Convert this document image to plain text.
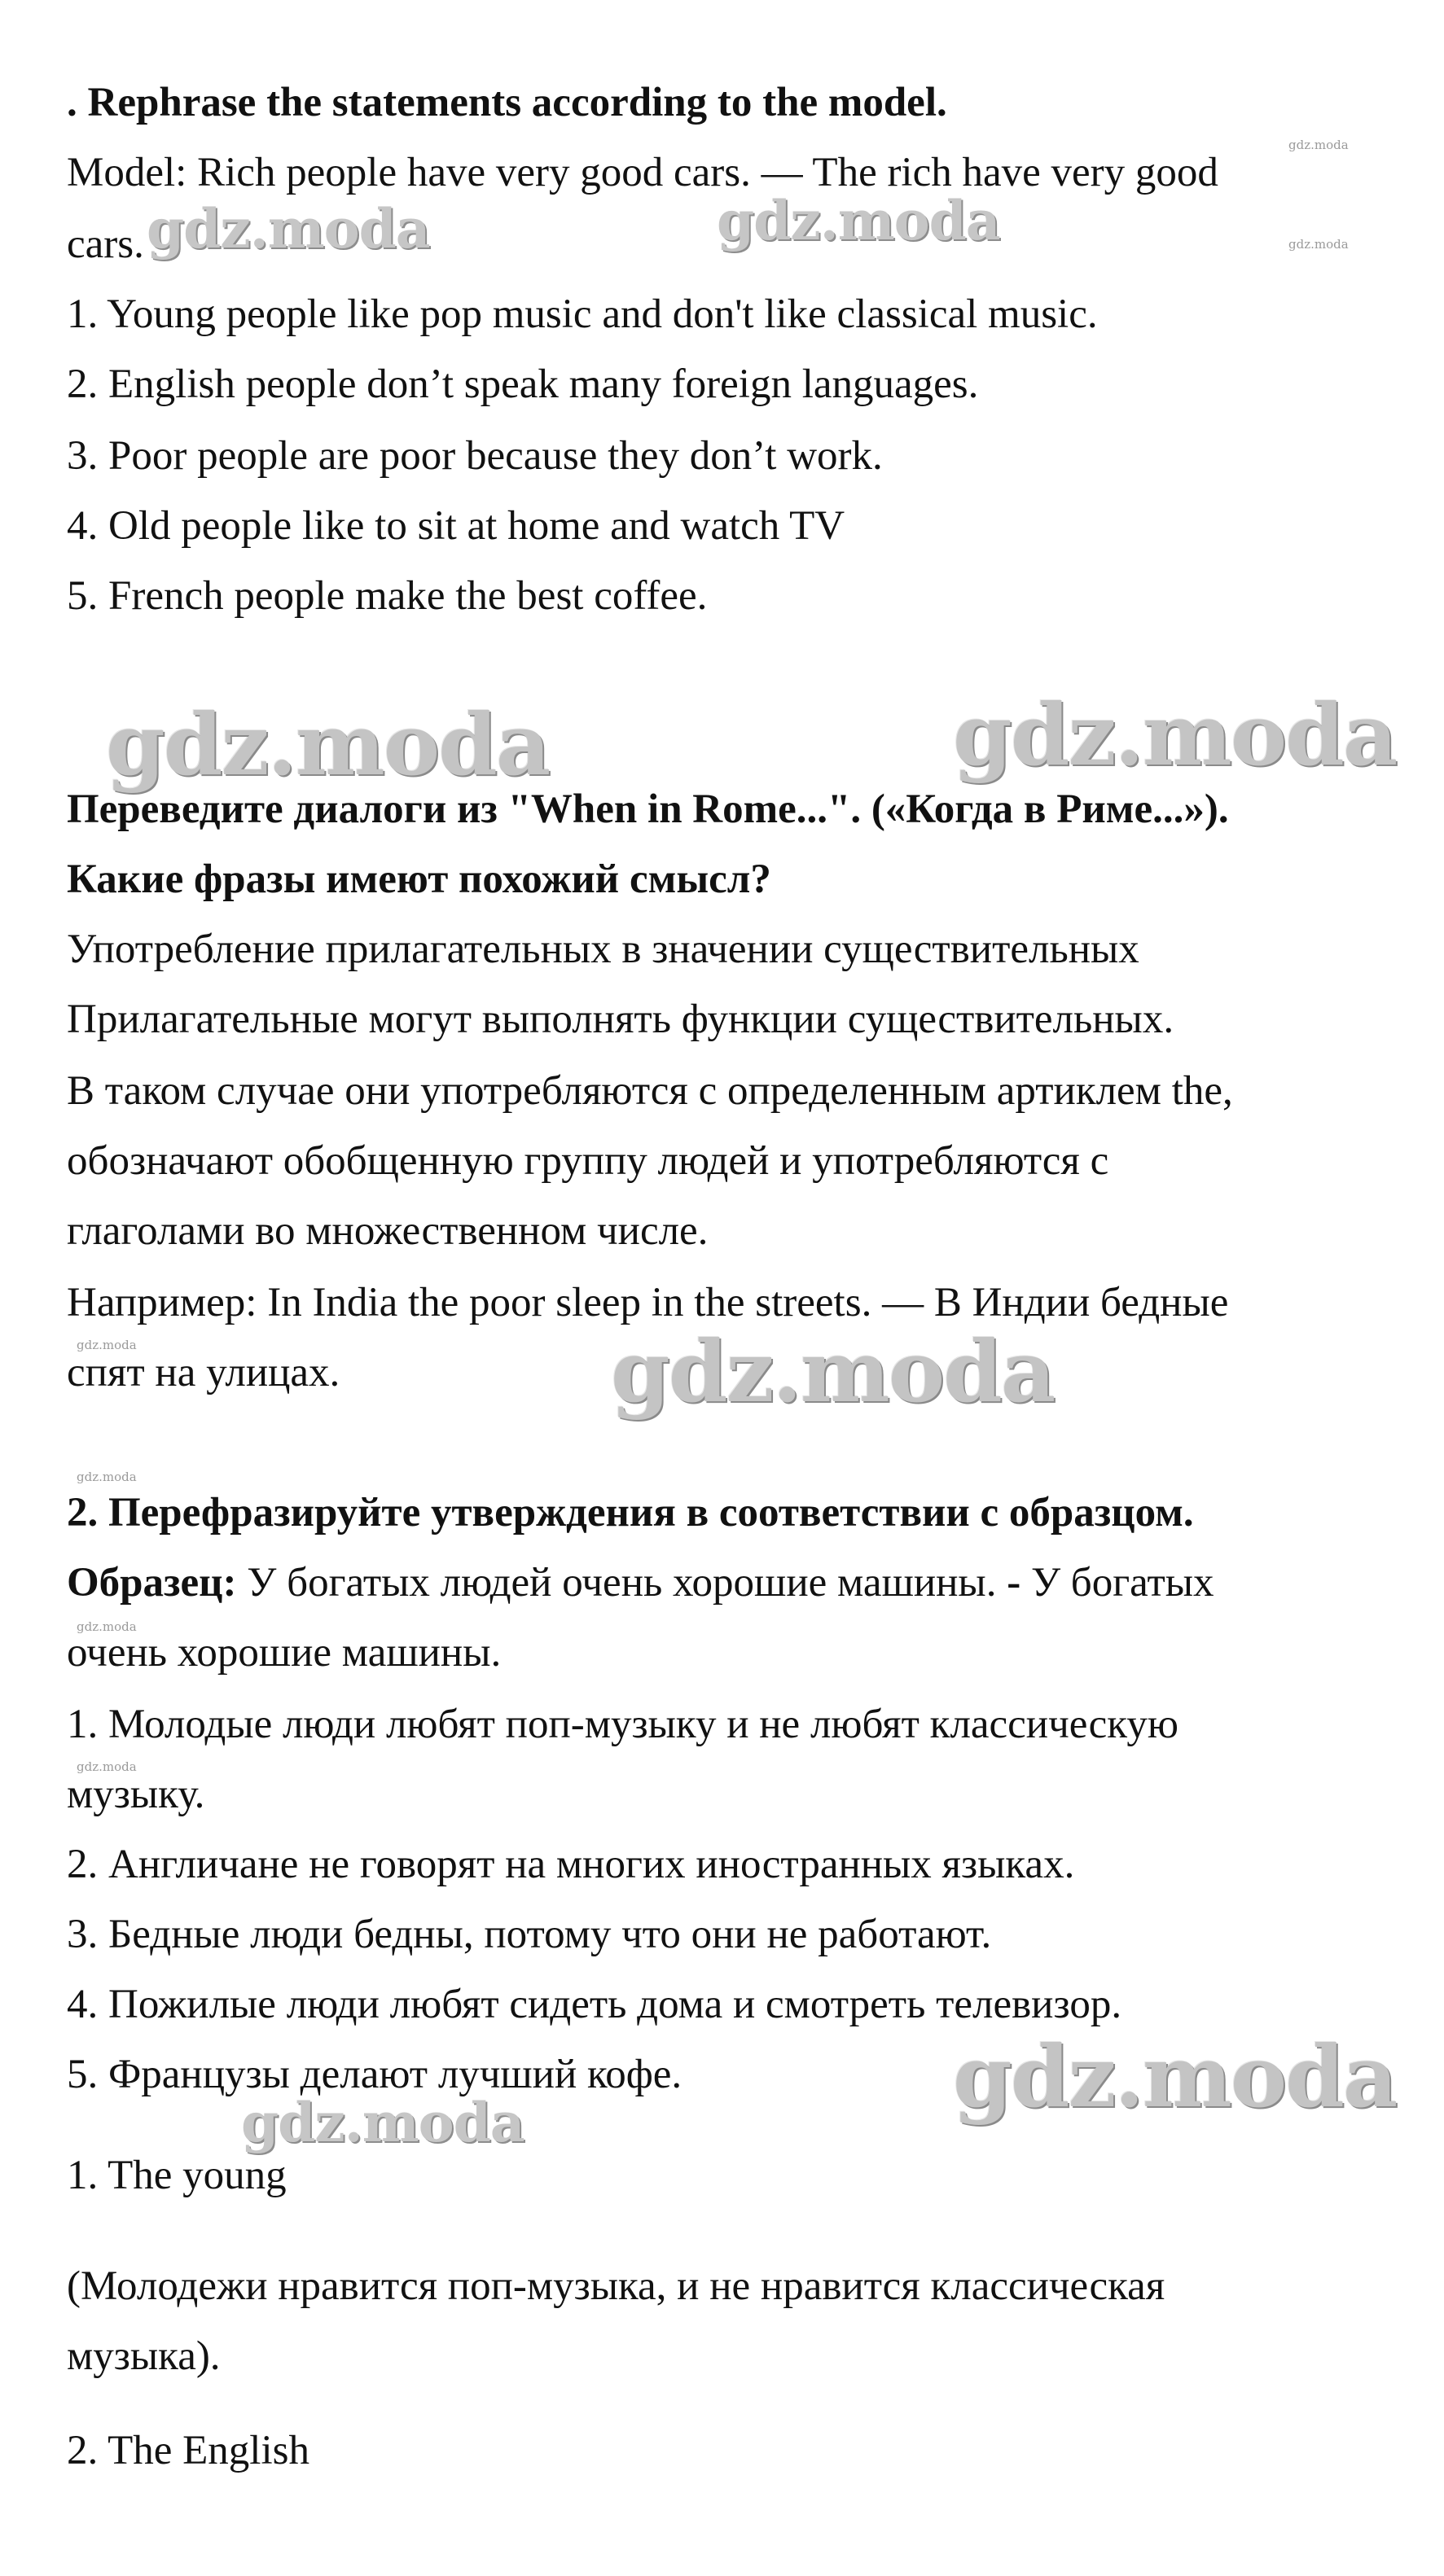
. Rephrase the statements according to the model.
Model: Rich people have very good cars. — The rich have very good
cars.
1. Young people like pop music and don't like classical music.
2. English people don’t speak many foreign languages.
3. Poor people are poor because they don’t work.
4. Old people like to sit at home and watch TV
5. French people make the best coffee.
Переведите диалоги из "When in Rome...". («Когда в Риме...»).
Какие фразы имеют похожий смысл?
Употребление прилагательных в значении существительных
Прилагательные могут выполнять функции существительных.
В таком случае они употребляются с определенным артиклем the,
обозначают обобщенную группу людей и употребляются с
глаголами во множественном числе.
Например: In India the poor sleep in the streets. — В Индии бедные
спят на улицах.
2. Перефразируйте утверждения в соответствии с образцом.
Образец: У богатых людей очень хорошие машины. - У богатых
очень хорошие машины.
1. Молодые люди любят поп-музыку и не любят классическую
музыку.
2. Англичане не говорят на многих иностранных языках.
3. Бедные люди бедны, потому что они не работают.
4. Пожилые люди любят сидеть дома и смотреть телевизор.
5. Французы делают лучший кофе.
1. The young
(Молодежи нравится поп-музыка, и не нравится классическая
музыка).
2. The English
gdz.moda	gdz.moda
gdz.moda
gdz.moda
gdz.moda	gdz.moda
gdz.moda	gdz.moda
gdz.moda
gdz.moda
gdz.moda
gdz.moda
gdz.moda
